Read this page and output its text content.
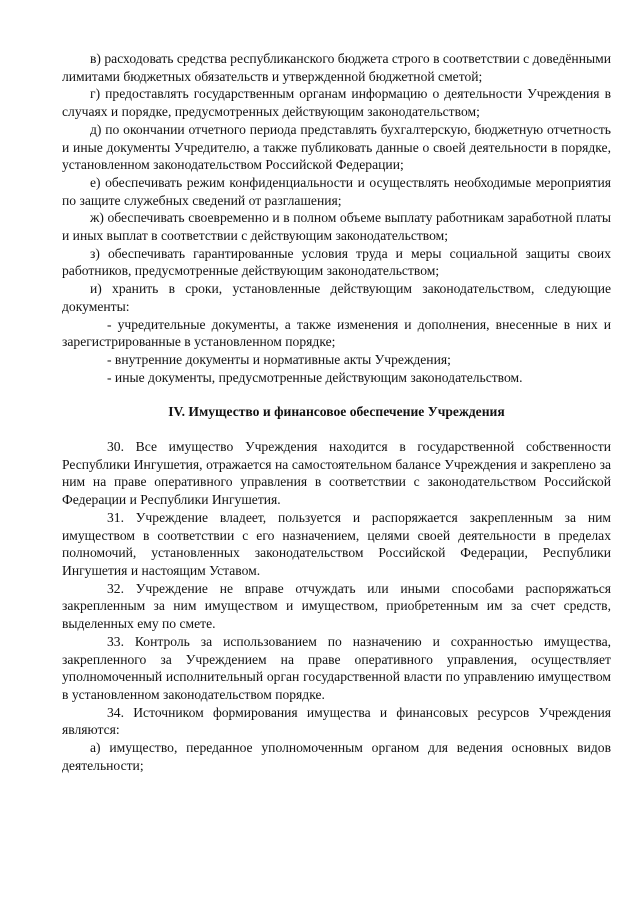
в) расходовать средства республиканского бюджета строго в соответствии с доведёнными лимитами бюджетных обязательств и утвержденной бюджетной сметой;

г) предоставлять государственным органам информацию о деятельности Учреждения в случаях и порядке, предусмотренных действующим законодательством;

д) по окончании отчетного периода представлять бухгалтерскую, бюджетную отчетность и иные документы Учредителю, а также публиковать данные о своей деятельности в порядке, установленном законодательством Российской Федерации;

е) обеспечивать режим конфиденциальности и осуществлять необходимые мероприятия по защите служебных сведений от разглашения;

ж) обеспечивать своевременно и в полном объеме выплату работникам заработной платы и иных выплат в соответствии с действующим законодательством;

з) обеспечивать гарантированные условия труда и меры социальной защиты своих работников, предусмотренные действующим законодательством;

и) хранить в сроки, установленные действующим законодательством, следующие документы:

- учредительные документы, а также изменения и дополнения, внесенные в них и зарегистрированные в установленном порядке;

- внутренние документы и нормативные акты Учреждения;

- иные документы, предусмотренные действующим законодательством.

IV. Имущество и финансовое обеспечение Учреждения

30. Все имущество Учреждения находится в государственной собственности Республики Ингушетия, отражается на самостоятельном балансе Учреждения и закреплено за ним на праве оперативного управления в соответствии с законодательством Российской Федерации и Республики Ингушетия.

31. Учреждение владеет, пользуется и распоряжается закрепленным за ним имуществом в соответствии с его назначением, целями своей деятельности в пределах полномочий, установленных законодательством Российской Федерации, Республики Ингушетия и настоящим Уставом.

32. Учреждение не вправе отчуждать или иными способами распоряжаться закрепленным за ним имуществом и имуществом, приобретенным им за счет средств, выделенных ему по смете.

33. Контроль за использованием по назначению и сохранностью имущества, закрепленного за Учреждением на праве оперативного управления, осуществляет уполномоченный исполнительный орган государственной власти по управлению имуществом в установленном законодательством порядке.

34. Источником формирования имущества и финансовых ресурсов Учреждения являются:

а) имущество, переданное уполномоченным органом для ведения основных видов деятельности;
